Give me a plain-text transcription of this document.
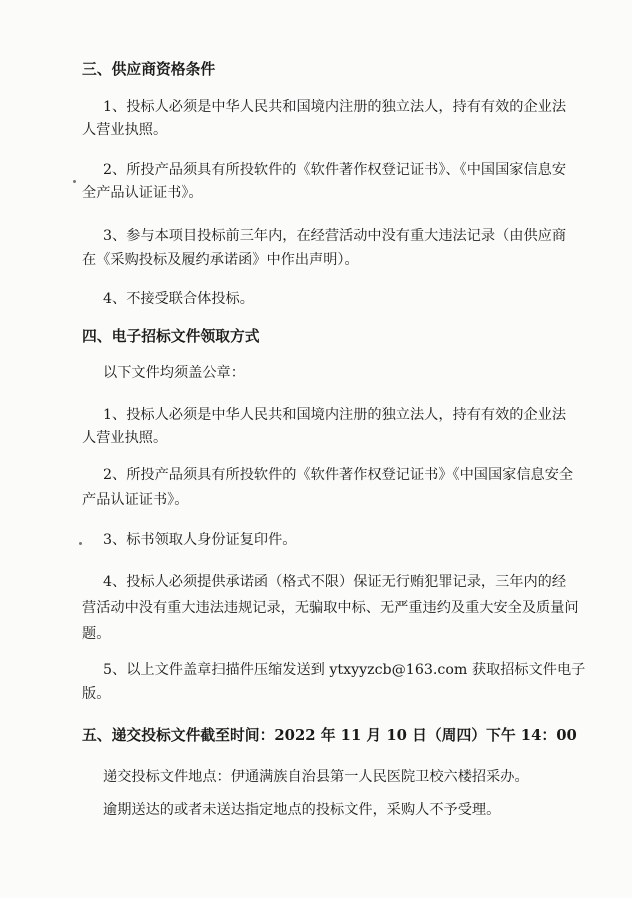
三、供应商资格条件
1、投标人必须是中华人民共和国境内注册的独立法人，持有有效的企业法
人营业执照。
2、所投产品须具有所投软件的《软件著作权登记证书》、《中国国家信息安
全产品认证证书》。
3、参与本项目投标前三年内，在经营活动中没有重大违法记录（由供应商
在《采购投标及履约承诺函》中作出声明）。
4、不接受联合体投标。
四、电子招标文件领取方式
以下文件均须盖公章：
1、投标人必须是中华人民共和国境内注册的独立法人，持有有效的企业法
人营业执照。
2、所投产品须具有所投软件的《软件著作权登记证书》《中国国家信息安全
产品认证证书》。
3、标书领取人身份证复印件。
4、投标人必须提供承诺函（格式不限）保证无行贿犯罪记录，三年内的经
营活动中没有重大违法违规记录，无骗取中标、无严重违约及重大安全及质量问
题。
5、以上文件盖章扫描件压缩发送到 ytxyyzcb@163.com 获取招标文件电子
版。
五、递交投标文件截至时间：2022 年 11 月 10 日（周四）下午 14：00
递交投标文件地点：伊通满族自治县第一人民医院卫校六楼招采办。
逾期送达的或者未送达指定地点的投标文件，采购人不予受理。
